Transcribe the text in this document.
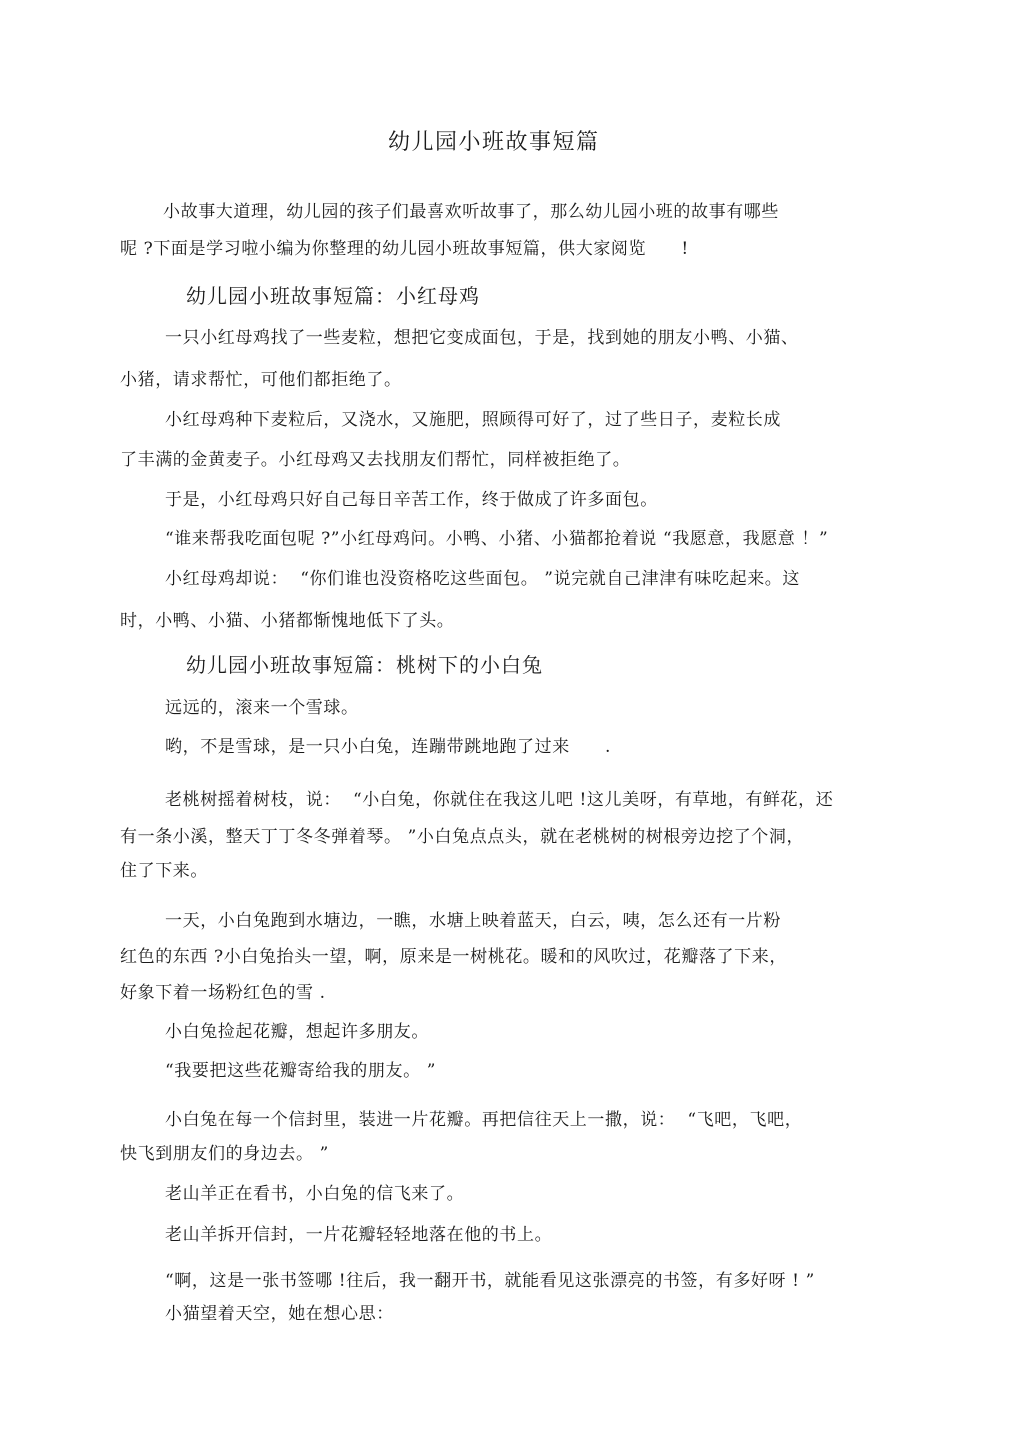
幼儿园小班故事短篇
小故事大道理，幼儿园的孩子们最喜欢听故事了，那么幼儿园小班的故事有哪些
呢 ?下面是学习啦小编为你整理的幼儿园小班故事短篇，供大家阅览　　!
幼儿园小班故事短篇：小红母鸡
一只小红母鸡找了一些麦粒，想把它变成面包，于是，找到她的朋友小鸭、小猫、
小猪，请求帮忙，可他们都拒绝了。
小红母鸡种下麦粒后，又浇水，又施肥，照顾得可好了，过了些日子，麦粒长成
了丰满的金黄麦子。小红母鸡又去找朋友们帮忙，同样被拒绝了。
于是，小红母鸡只好自己每日辛苦工作，终于做成了许多面包。
“谁来帮我吃面包呢 ?”小红母鸡问。小鸭、小猪、小猫都抢着说 “我愿意，我愿意 ！”
小红母鸡却说：  “你们谁也没资格吃这些面包。 ”说完就自己津津有味吃起来。这
时，小鸭、小猫、小猪都惭愧地低下了头。
幼儿园小班故事短篇：桃树下的小白兔
远远的，滚来一个雪球。
哟，不是雪球，是一只小白兔，连蹦带跳地跑了过来　　.
老桃树摇着树枝，说：  “小白兔，你就住在我这儿吧 !这儿美呀，有草地，有鲜花，还
有一条小溪，整天丁丁冬冬弹着琴。 ”小白兔点点头，就在老桃树的树根旁边挖了个洞，
住了下来。
一天，小白兔跑到水塘边，一瞧，水塘上映着蓝天，白云，咦，怎么还有一片粉
红色的东西 ?小白兔抬头一望，啊，原来是一树桃花。暖和的风吹过，花瓣落了下来，
好象下着一场粉红色的雪 .
小白兔捡起花瓣，想起许多朋友。
“我要把这些花瓣寄给我的朋友。 ”
小白兔在每一个信封里，装进一片花瓣。再把信往天上一撒，说：  “飞吧，飞吧，
快飞到朋友们的身边去。 ”
老山羊正在看书，小白兔的信飞来了。
老山羊拆开信封，一片花瓣轻轻地落在他的书上。
“啊，这是一张书签哪 !往后，我一翻开书，就能看见这张漂亮的书签，有多好呀 ! ”
小猫望着天空，她在想心思：
